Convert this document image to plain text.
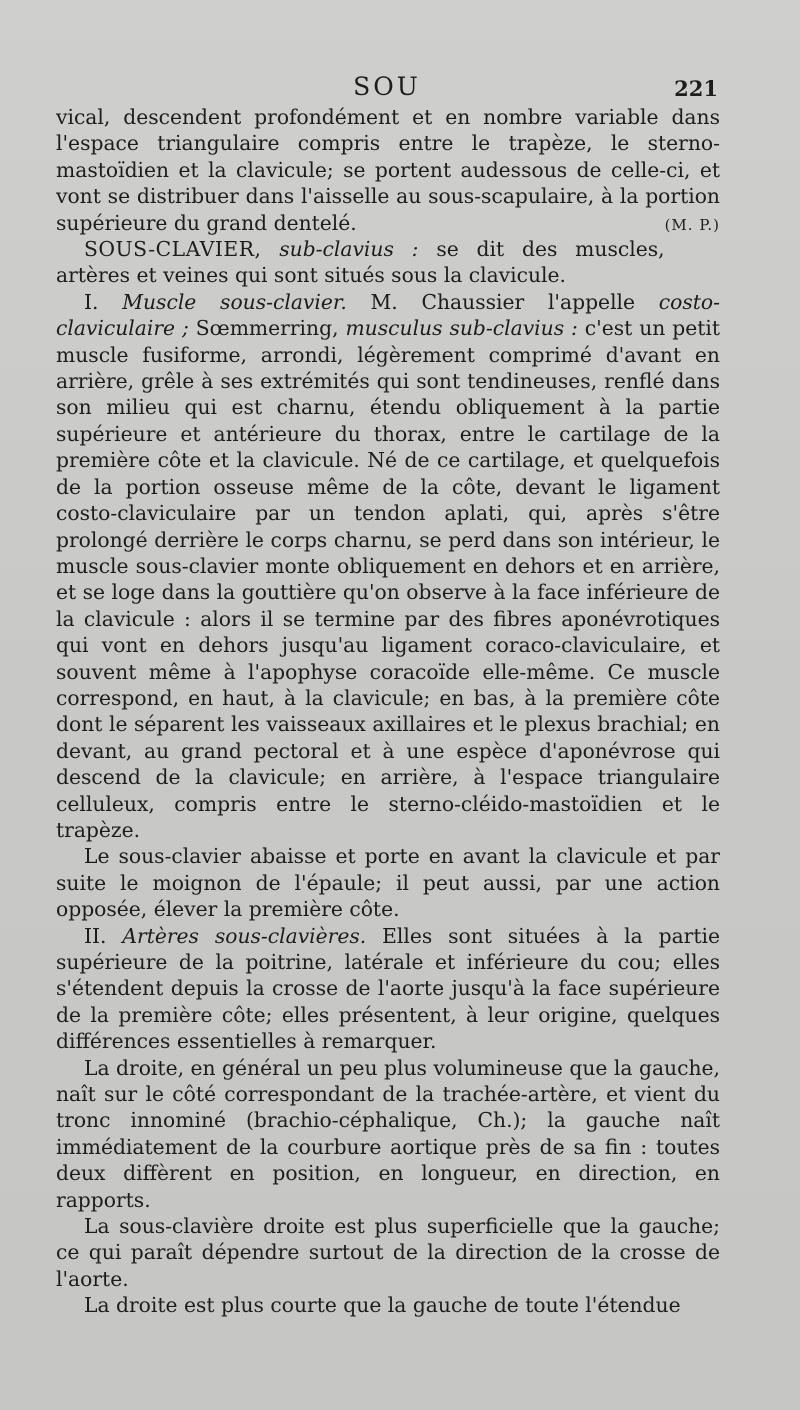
SOU	221

vical, descendent profondément et en nombre variable dans l'espace triangulaire compris entre le trapèze, le sterno-mastoïdien et la clavicule; se portent audessous de celle-ci, et vont se distribuer dans l'aisselle au sous-scapulaire, à la portion supérieure du grand dentelé.	(M. P.)

SOUS-CLAVIER, sub-clavius : se dit des muscles, artères et veines qui sont situés sous la clavicule.

I. Muscle sous-clavier. M. Chaussier l'appelle costo-claviculaire ; Sœmmerring, musculus sub-clavius : c'est un petit muscle fusiforme, arrondi, légèrement comprimé d'avant en arrière, grêle à ses extrémités qui sont tendineuses, renflé dans son milieu qui est charnu, étendu obliquement à la partie supérieure et antérieure du thorax, entre le cartilage de la première côte et la clavicule. Né de ce cartilage, et quelquefois de la portion osseuse même de la côte, devant le ligament costo-claviculaire par un tendon aplati, qui, après s'être prolongé derrière le corps charnu, se perd dans son intérieur, le muscle sous-clavier monte obliquement en dehors et en arrière, et se loge dans la gouttière qu'on observe à la face inférieure de la clavicule : alors il se termine par des fibres aponévrotiques qui vont en dehors jusqu'au ligament coraco-claviculaire, et souvent même à l'apophyse coracoïde elle-même. Ce muscle correspond, en haut, à la clavicule; en bas, à la première côte dont le séparent les vaisseaux axillaires et le plexus brachial; en devant, au grand pectoral et à une espèce d'aponévrose qui descend de la clavicule; en arrière, à l'espace triangulaire celluleux, compris entre le sterno-cléido-mastoïdien et le trapèze.

Le sous-clavier abaisse et porte en avant la clavicule et par suite le moignon de l'épaule; il peut aussi, par une action opposée, élever la première côte.

II. Artères sous-clavières. Elles sont situées à la partie supérieure de la poitrine, latérale et inférieure du cou; elles s'étendent depuis la crosse de l'aorte jusqu'à la face supérieure de la première côte; elles présentent, à leur origine, quelques différences essentielles à remarquer.

La droite, en général un peu plus volumineuse que la gauche, naît sur le côté correspondant de la trachée-artère, et vient du tronc innominé (brachio-céphalique, Ch.); la gauche naît immédiatement de la courbure aortique près de sa fin : toutes deux diffèrent en position, en longueur, en direction, en rapports.

La sous-clavière droite est plus superficielle que la gauche; ce qui paraît dépendre surtout de la direction de la crosse de l'aorte.

La droite est plus courte que la gauche de toute l'étendue
